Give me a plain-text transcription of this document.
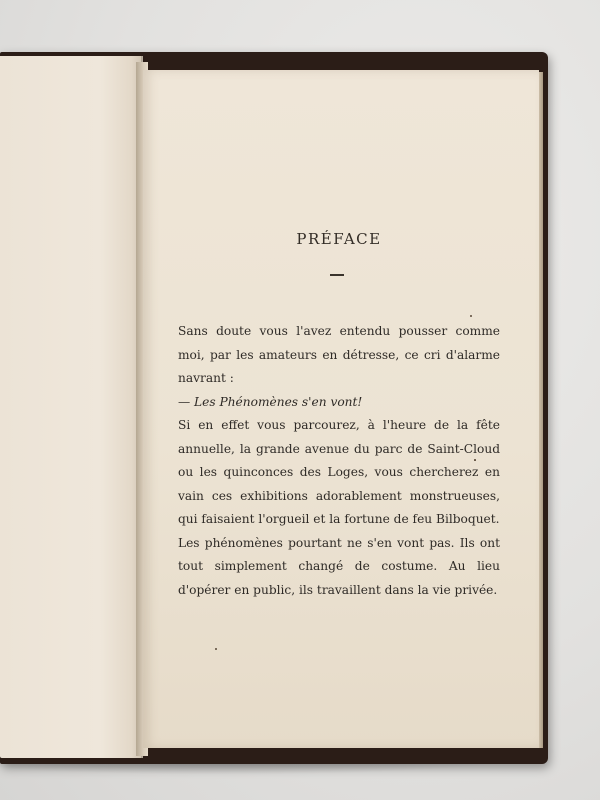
PRÉFACE

Sans doute vous l'avez entendu pousser comme moi, par les amateurs en détresse, ce cri d'alarme navrant :

— Les Phénomènes s'en vont!

Si en effet vous parcourez, à l'heure de la fête annuelle, la grande avenue du parc de Saint-Cloud ou les quinconces des Loges, vous chercherez en vain ces exhibitions adorablement monstrueuses, qui faisaient l'orgueil et la fortune de feu Bilboquet.

Les phénomènes pourtant ne s'en vont pas. Ils ont tout simplement changé de costume. Au lieu d'opérer en public, ils travaillent dans la vie privée.
